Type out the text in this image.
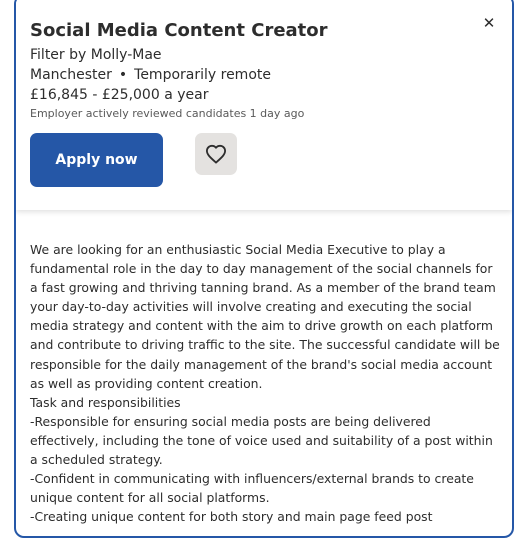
✕
Social Media Content Creator
Filter by Molly-Mae
Manchester • Temporarily remote
£16,845 - £25,000 a year
Employer actively reviewed candidates 1 day ago
Apply now

We are looking for an enthusiastic Social Media Executive to play a fundamental role in the day to day management of the social channels for a fast growing and thriving tanning brand. As a member of the brand team your day-to-day activities will involve creating and executing the social media strategy and content with the aim to drive growth on each platform and contribute to driving traffic to the site. The successful candidate will be responsible for the daily management of the brand's social media account as well as providing content creation.

Task and responsibilities

-Responsible for ensuring social media posts are being delivered effectively, including the tone of voice used and suitability of a post within a scheduled strategy.

-Confident in communicating with influencers/external brands to create unique content for all social platforms.

-Creating unique content for both story and main page feed post
